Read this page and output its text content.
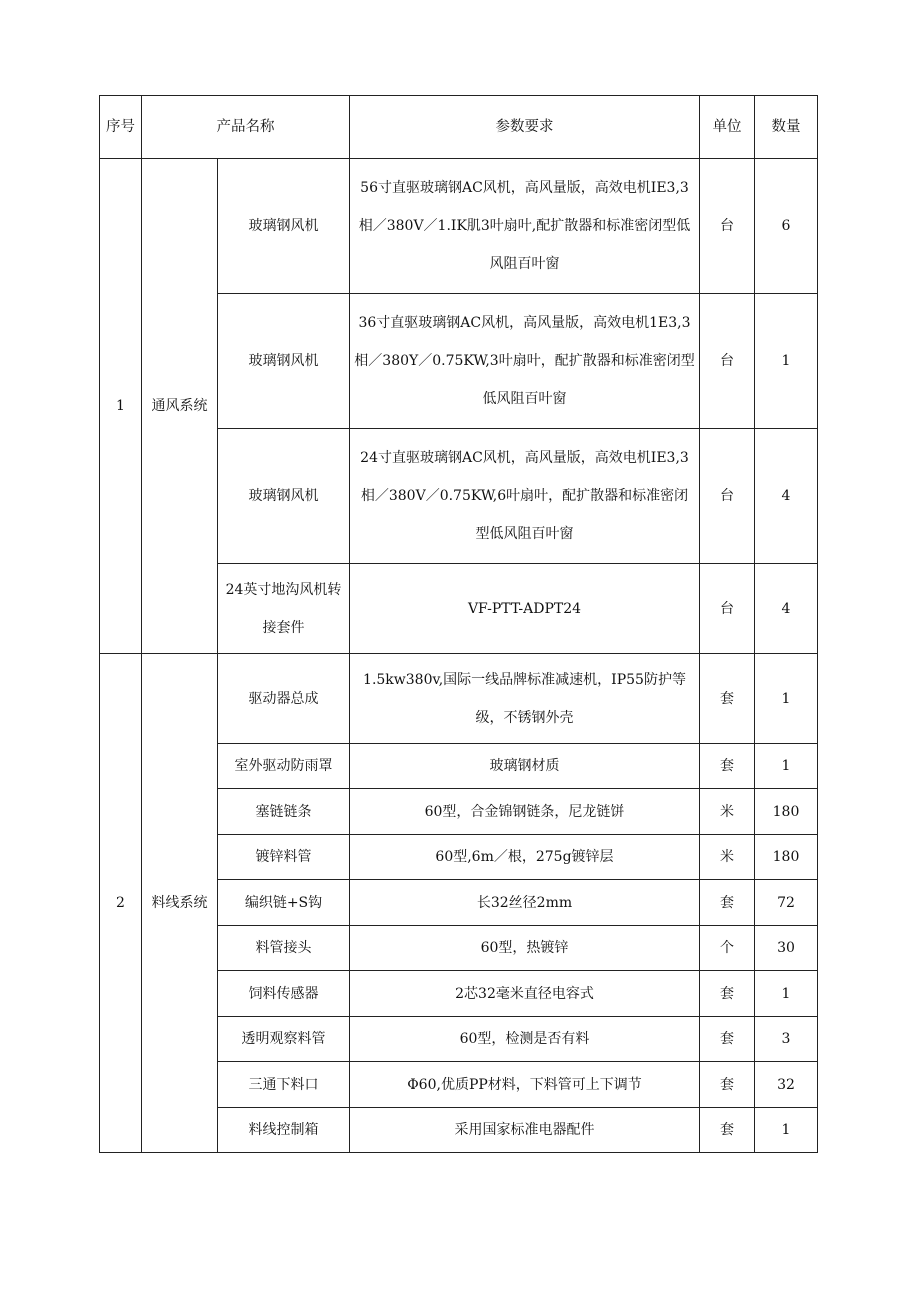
序号	产品名称		参数要求	单位	数量
1	通风系统	玻璃钢风机	56寸直驱玻璃钢AC风机，高风量版，高效电机IE3,3相／380V／1.IK肌3叶扇叶,配扩散器和标准密闭型低风阻百叶窗	台	6
		玻璃钢风机	36寸直驱玻璃钢AC风机，高风量版，高效电机1E3,3相／380Y／0.75KW,3叶扇叶，配扩散器和标准密闭型低风阻百叶窗	台	1
		玻璃钢风机	24寸直驱玻璃钢AC风机，高风量版，高效电机IE3,3相／380V／0.75KW,6叶扇叶，配扩散器和标准密闭型低风阻百叶窗	台	4
		24英寸地沟风机转接套件	VF-PTT-ADPT24	台	4
2	料线系统	驱动器总成	1.5kw380v,国际一线品牌标准减速机，IP55防护等级，不锈钢外壳	套	1
		室外驱动防雨罩	玻璃钢材质	套	1
		塞链链条	60型，合金锦钢链条，尼龙链饼	米	180
		镀锌料管	60型,6m／根，275g镀锌层	米	180
		编织链+S钩	长32丝径2mm	套	72
		料管接头	60型，热镀锌	个	30
		饲料传感器	2芯32毫米直径电容式	套	1
		透明观察料管	60型，检测是否有料	套	3
		三通下料口	Φ60,优质PP材料，下料管可上下调节	套	32
		料线控制箱	采用国家标准电器配件	套	1
